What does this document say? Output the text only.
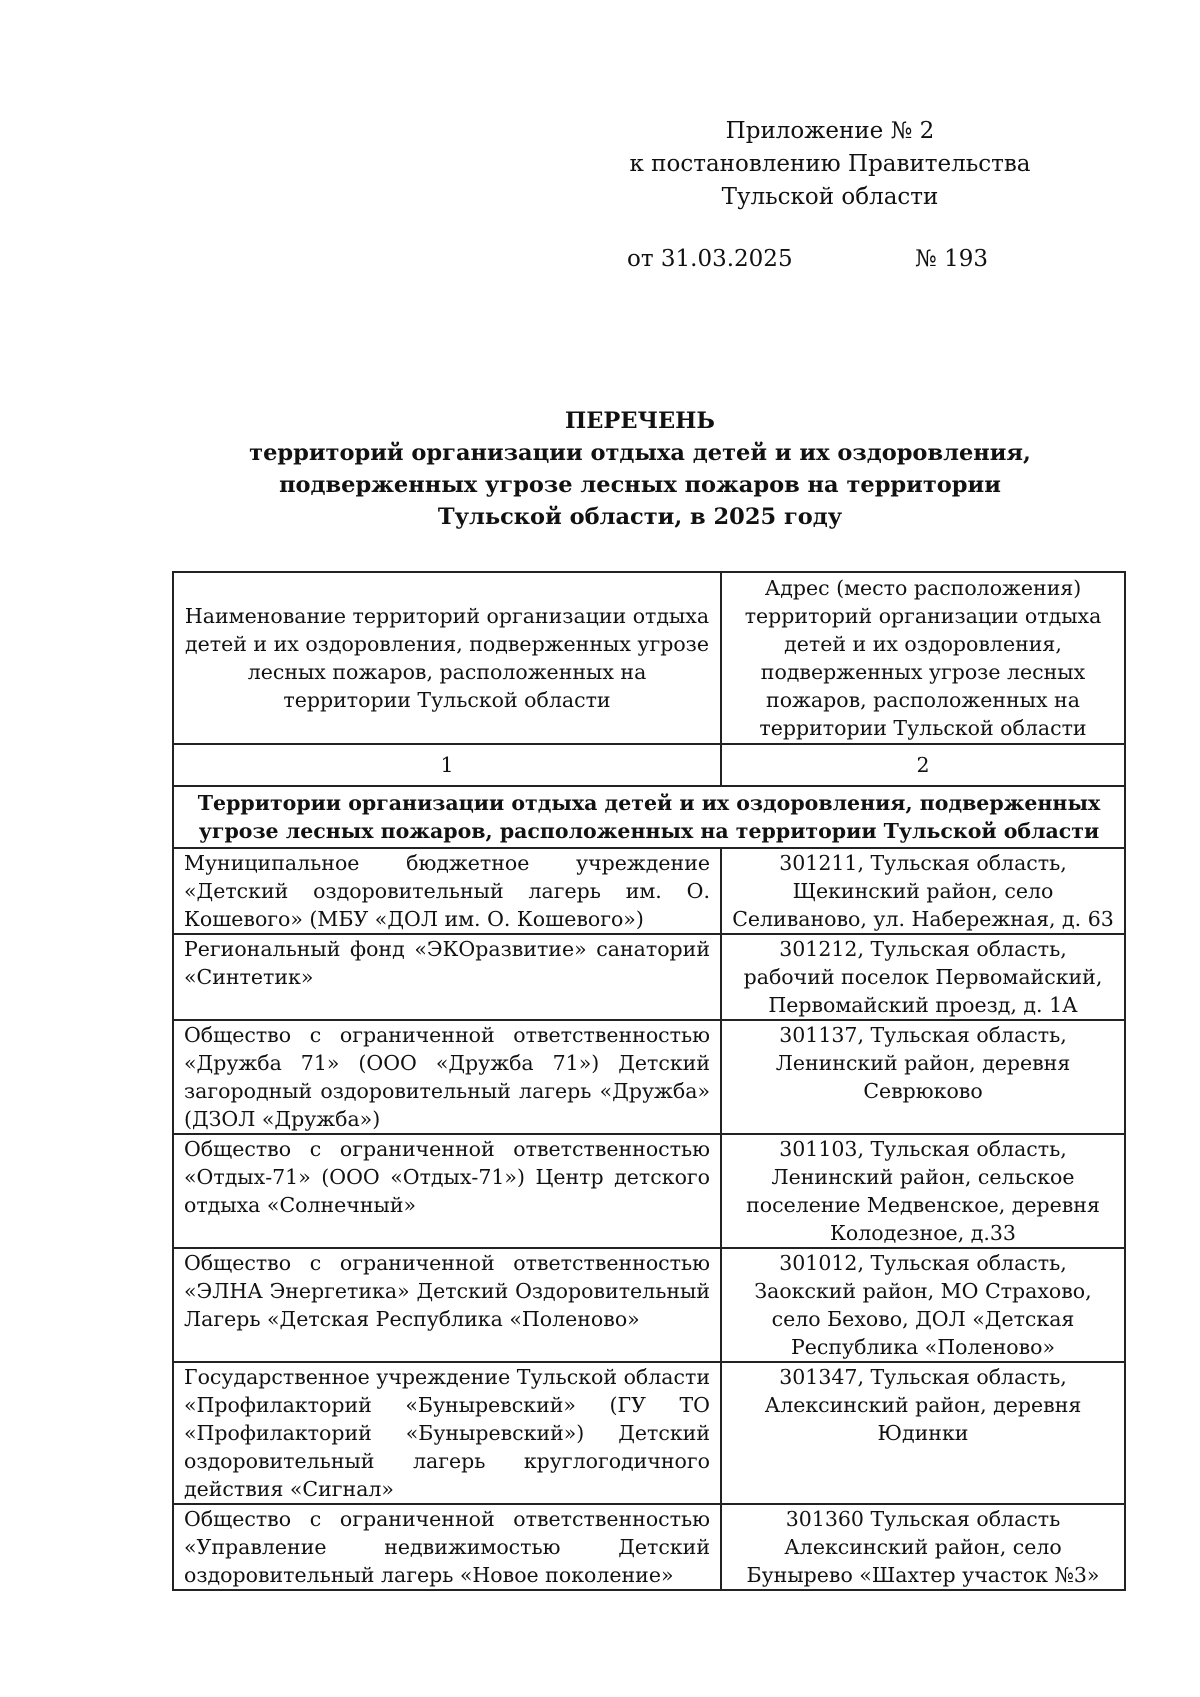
Приложение № 2
к постановлению Правительства
Тульской области
от 31.03.2025	№ 193
ПЕРЕЧЕНЬ
территорий организации отдыха детей и их оздоровления,
подверженных угрозе лесных пожаров на территории
Тульской области, в 2025 году
Наименование территорий организации отдыха детей и их оздоровления, подверженных угрозе лесных пожаров, расположенных на территории Тульской области	Адрес (место расположения) территорий организации отдыха детей и их оздоровления, подверженных угрозе лесных пожаров, расположенных на территории Тульской области
1	2
Территории организации отдыха детей и их оздоровления, подверженных угрозе лесных пожаров, расположенных на территории Тульской области	
Муниципальное бюджетное учреждение «Детский оздоровительный лагерь им. О. Кошевого» (МБУ «ДОЛ им. О. Кошевого»)	301211, Тульская область, Щекинский район, село Селиваново, ул. Набережная, д. 63
Региональный фонд «ЭКОразвитие» санаторий «Синтетик»	301212, Тульская область, рабочий поселок Первомайский, Первомайский проезд, д. 1А
Общество с ограниченной ответственностью «Дружба 71» (ООО «Дружба 71») Детский загородный оздоровительный лагерь «Дружба» (ДЗОЛ «Дружба»)	301137, Тульская область, Ленинский район, деревня Севрюково
Общество с ограниченной ответственностью «Отдых-71» (ООО «Отдых-71») Центр детского отдыха «Солнечный»	301103, Тульская область, Ленинский район, сельское поселение Медвенское, деревня Колодезное, д.33
Общество с ограниченной ответственностью «ЭЛНА Энергетика» Детский Оздоровительный Лагерь «Детская Республика «Поленово»	301012, Тульская область, Заокский район, МО Страхово, село Бехово, ДОЛ «Детская Республика «Поленово»
Государственное учреждение Тульской области «Профилакторий «Буныревский» (ГУ ТО «Профилакторий «Буныревский») Детский оздоровительный лагерь круглогодичного действия «Сигнал»	301347, Тульская область, Алексинский район, деревня Юдинки
Общество с ограниченной ответственностью «Управление недвижимостью Детский оздоровительный лагерь «Новое поколение»	301360 Тульская область Алексинский район, село Бунырево «Шахтер участок №3»
